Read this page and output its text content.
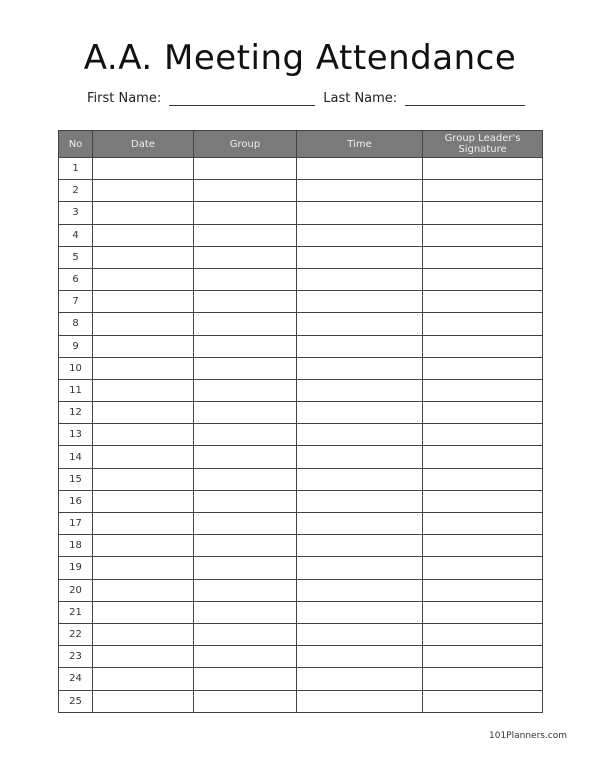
A.A. Meeting Attendance
First Name:	Last Name:
No	Date	Group	Time	Group Leader's Signature
1				
2				
3				
4				
5				
6				
7				
8				
9				
10				
11				
12				
13				
14				
15				
16				
17				
18				
19				
20				
21				
22				
23				
24				
25				
101Planners.com
